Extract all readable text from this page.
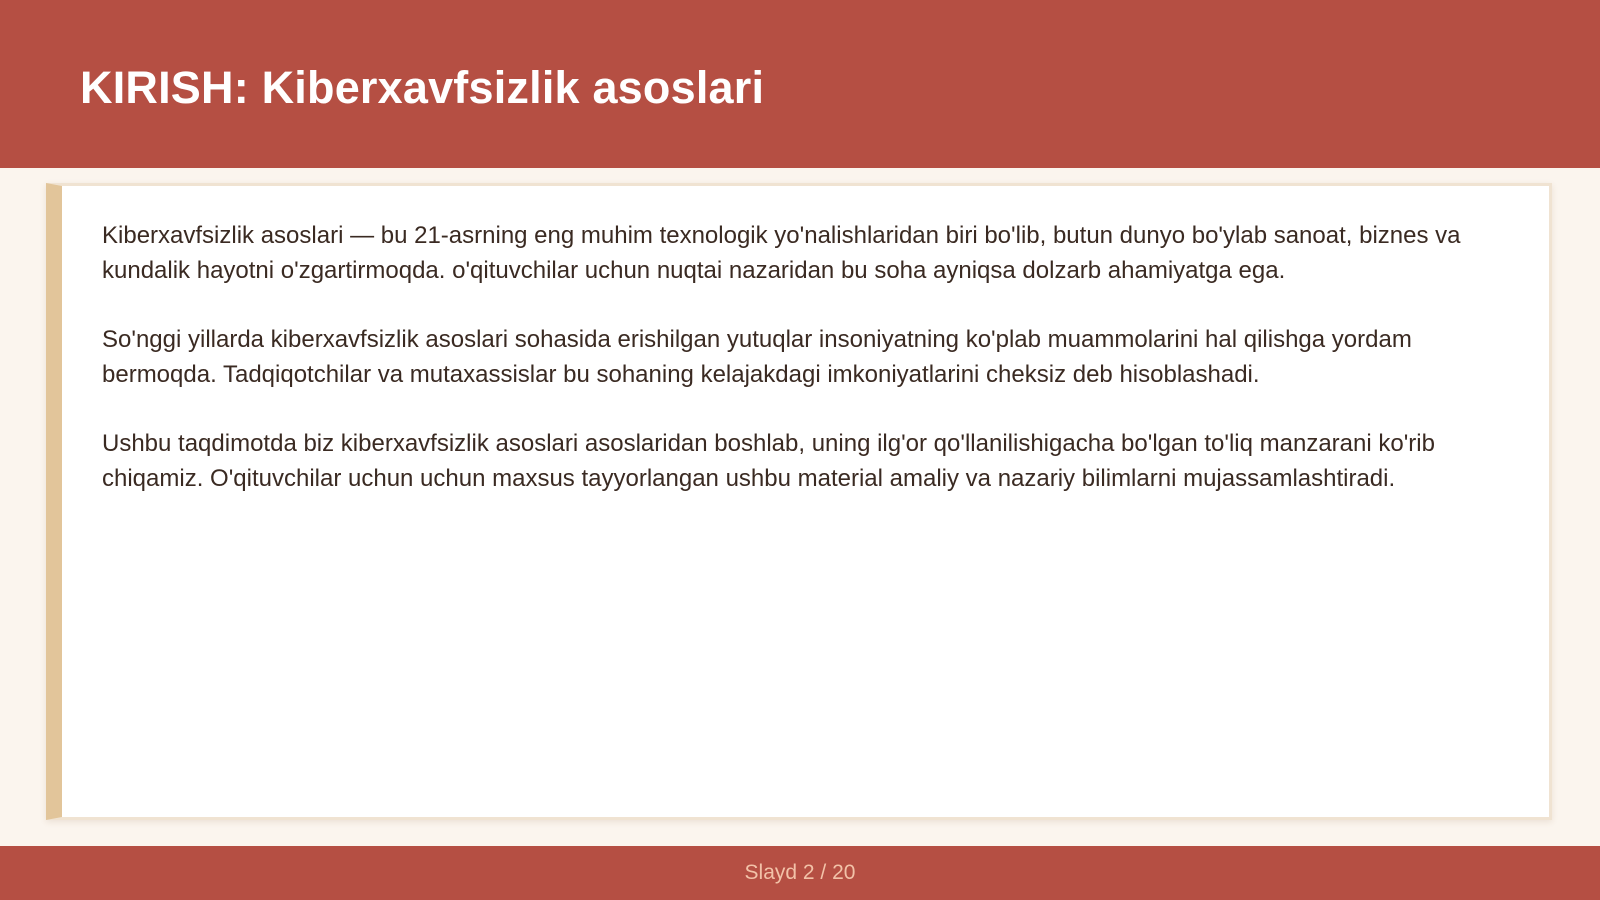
KIRISH: Kiberxavfsizlik asoslari

Kiberxavfsizlik asoslari — bu 21-asrning eng muhim texnologik yo'nalishlaridan biri bo'lib, butun dunyo bo'ylab sanoat, biznes va kundalik hayotni o'zgartirmoqda. o'qituvchilar uchun nuqtai nazaridan bu soha ayniqsa dolzarb ahamiyatga ega.

So'nggi yillarda kiberxavfsizlik asoslari sohasida erishilgan yutuqlar insoniyatning ko'plab muammolarini hal qilishga yordam bermoqda. Tadqiqotchilar va mutaxassislar bu sohaning kelajakdagi imkoniyatlarini cheksiz deb hisoblashadi.

Ushbu taqdimotda biz kiberxavfsizlik asoslari asoslaridan boshlab, uning ilg'or qo'llanilishigacha bo'lgan to'liq manzarani ko'rib chiqamiz. O'qituvchilar uchun uchun maxsus tayyorlangan ushbu material amaliy va nazariy bilimlarni mujassamlashtiradi.

Slayd 2 / 20
